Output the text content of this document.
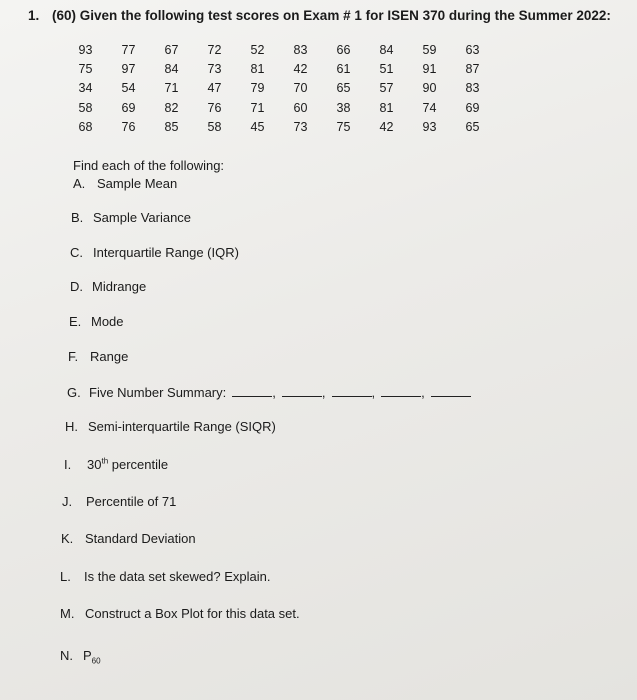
1. (60) Given the following test scores on Exam # 1 for ISEN 370 during the Summer 2022:
93	77	67	72	52	83	66	84	59	63
75	97	84	73	81	42	61	51	91	87
34	54	71	47	79	70	65	57	90	83
58	69	82	76	71	60	38	81	74	69
68	76	85	58	45	73	75	42	93	65
Find each of the following:
A. Sample Mean
B. Sample Variance
C. Interquartile Range (IQR)
D. Midrange
E. Mode
F. Range
G. Five Number Summary:	,	,	,	,
H. Semi-interquartile Range (SIQR)
I. 30th percentile
J. Percentile of 71
K. Standard Deviation
L. Is the data set skewed? Explain.
M. Construct a Box Plot for this data set.
N. $P_{60}$
